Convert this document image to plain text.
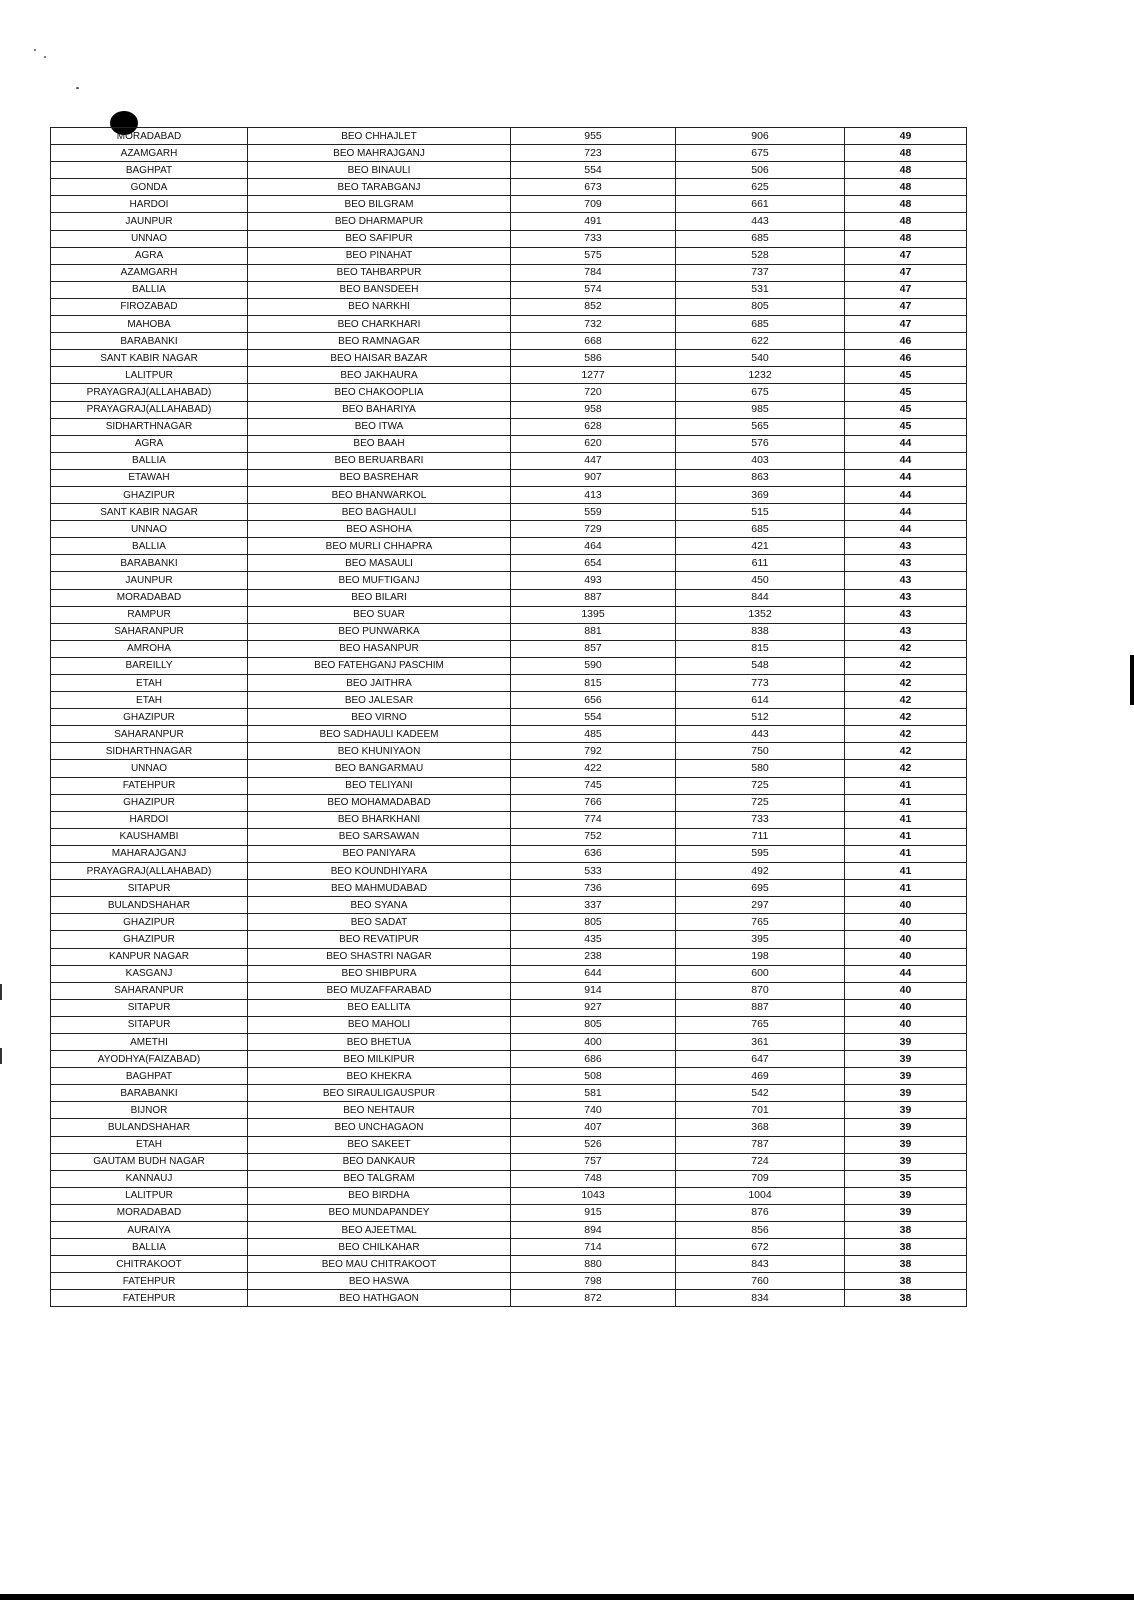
MORADABAD	BEO CHHAJLET	955	906	49
AZAMGARH	BEO MAHRAJGANJ	723	675	48
BAGHPAT	BEO BINAULI	554	506	48
GONDA	BEO TARABGANJ	673	625	48
HARDOI	BEO BILGRAM	709	661	48
JAUNPUR	BEO DHARMAPUR	491	443	48
UNNAO	BEO SAFIPUR	733	685	48
AGRA	BEO PINAHAT	575	528	47
AZAMGARH	BEO TAHBARPUR	784	737	47
BALLIA	BEO BANSDEEH	574	531	47
FIROZABAD	BEO NARKHI	852	805	47
MAHOBA	BEO CHARKHARI	732	685	47
BARABANKI	BEO RAMNAGAR	668	622	46
SANT KABIR NAGAR	BEO HAISAR BAZAR	586	540	46
LALITPUR	BEO JAKHAURA	1277	1232	45
PRAYAGRAJ(ALLAHABAD)	BEO CHAKOOPLIA	720	675	45
PRAYAGRAJ(ALLAHABAD)	BEO BAHARIYA	958	985	45
SIDHARTHNAGAR	BEO ITWA	628	565	45
AGRA	BEO BAAH	620	576	44
BALLIA	BEO BERUARBARI	447	403	44
ETAWAH	BEO BASREHAR	907	863	44
GHAZIPUR	BEO BHANWARKOL	413	369	44
SANT KABIR NAGAR	BEO BAGHAULI	559	515	44
UNNAO	BEO ASHOHA	729	685	44
BALLIA	BEO MURLI CHHAPRA	464	421	43
BARABANKI	BEO MASAULI	654	611	43
JAUNPUR	BEO MUFTIGANJ	493	450	43
MORADABAD	BEO BILARI	887	844	43
RAMPUR	BEO SUAR	1395	1352	43
SAHARANPUR	BEO PUNWARKA	881	838	43
AMROHA	BEO HASANPUR	857	815	42
BAREILLY	BEO FATEHGANJ PASCHIM	590	548	42
ETAH	BEO JAITHRA	815	773	42
ETAH	BEO JALESAR	656	614	42
GHAZIPUR	BEO VIRNO	554	512	42
SAHARANPUR	BEO SADHAULI KADEEM	485	443	42
SIDHARTHNAGAR	BEO KHUNIYAON	792	750	42
UNNAO	BEO BANGARMAU	422	580	42
FATEHPUR	BEO TELIYANI	745	725	41
GHAZIPUR	BEO MOHAMADABAD	766	725	41
HARDOI	BEO BHARKHANI	774	733	41
KAUSHAMBI	BEO SARSAWAN	752	711	41
MAHARAJGANJ	BEO PANIYARA	636	595	41
PRAYAGRAJ(ALLAHABAD)	BEO KOUNDHIYARA	533	492	41
SITAPUR	BEO MAHMUDABAD	736	695	41
BULANDSHAHAR	BEO SYANA	337	297	40
GHAZIPUR	BEO SADAT	805	765	40
GHAZIPUR	BEO REVATIPUR	435	395	40
KANPUR NAGAR	BEO SHASTRI NAGAR	238	198	40
KASGANJ	BEO SHIBPURA	644	600	44
SAHARANPUR	BEO MUZAFFARABAD	914	870	40
SITAPUR	BEO EALLITA	927	887	40
SITAPUR	BEO MAHOLI	805	765	40
AMETHI	BEO BHETUA	400	361	39
AYODHYA(FAIZABAD)	BEO MILKIPUR	686	647	39
BAGHPAT	BEO KHEKRA	508	469	39
BARABANKI	BEO SIRAULIGAUSPUR	581	542	39
BIJNOR	BEO NEHTAUR	740	701	39
BULANDSHAHAR	BEO UNCHAGAON	407	368	39
ETAH	BEO SAKEET	526	787	39
GAUTAM BUDH NAGAR	BEO DANKAUR	757	724	39
KANNAUJ	BEO TALGRAM	748	709	35
LALITPUR	BEO BIRDHA	1043	1004	39
MORADABAD	BEO MUNDAPANDEY	915	876	39
AURAIYA	BEO AJEETMAL	894	856	38
BALLIA	BEO CHILKAHAR	714	672	38
CHITRAKOOT	BEO MAU CHITRAKOOT	880	843	38
FATEHPUR	BEO HASWA	798	760	38
FATEHPUR	BEO HATHGAON	872	834	38
